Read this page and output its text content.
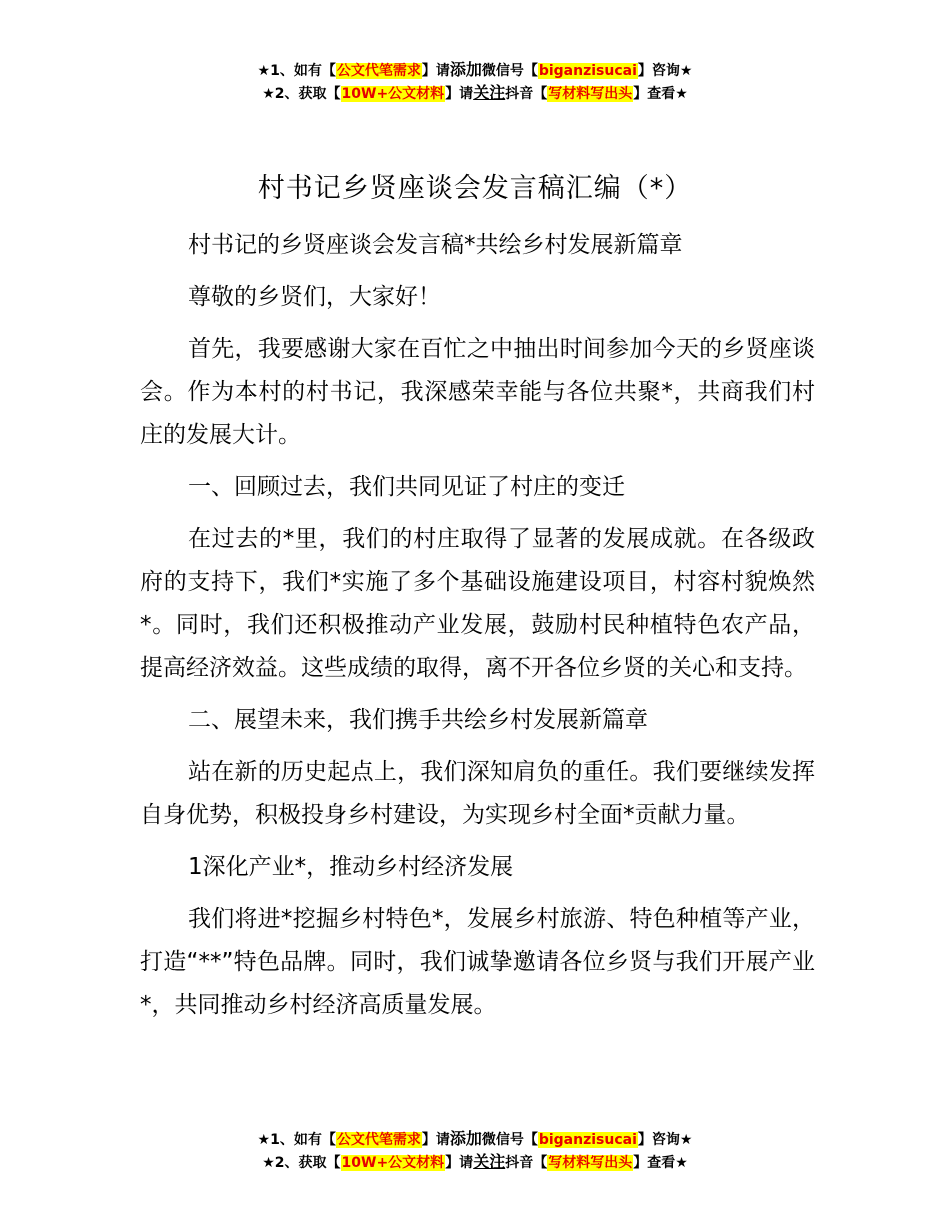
★1、如有【公文代笔需求】请添加微信号【biganzisucai】咨询★
★2、获取【10W+公文材料】请关注抖音【写材料写出头】查看★
村书记乡贤座谈会发言稿汇编（*）

村书记的乡贤座谈会发言稿*共绘乡村发展新篇章

尊敬的乡贤们，大家好！

首先，我要感谢大家在百忙之中抽出时间参加今天的乡贤座谈会。作为本村的村书记，我深感荣幸能与各位共聚*，共商我们村庄的发展大计。

一、回顾过去，我们共同见证了村庄的变迁

在过去的*里，我们的村庄取得了显著的发展成就。在各级政府的支持下，我们*实施了多个基础设施建设项目，村容村貌焕然*。同时，我们还积极推动产业发展，鼓励村民种植特色农产品，提高经济效益。这些成绩的取得，离不开各位乡贤的关心和支持。

二、展望未来，我们携手共绘乡村发展新篇章

站在新的历史起点上，我们深知肩负的重任。我们要继续发挥自身优势，积极投身乡村建设，为实现乡村全面*贡献力量。

1深化产业*，推动乡村经济发展

我们将进*挖掘乡村特色*，发展乡村旅游、特色种植等产业，打造“**”特色品牌。同时，我们诚挚邀请各位乡贤与我们开展产业*，共同推动乡村经济高质量发展。

★1、如有【公文代笔需求】请添加微信号【biganzisucai】咨询★
★2、获取【10W+公文材料】请关注抖音【写材料写出头】查看★
